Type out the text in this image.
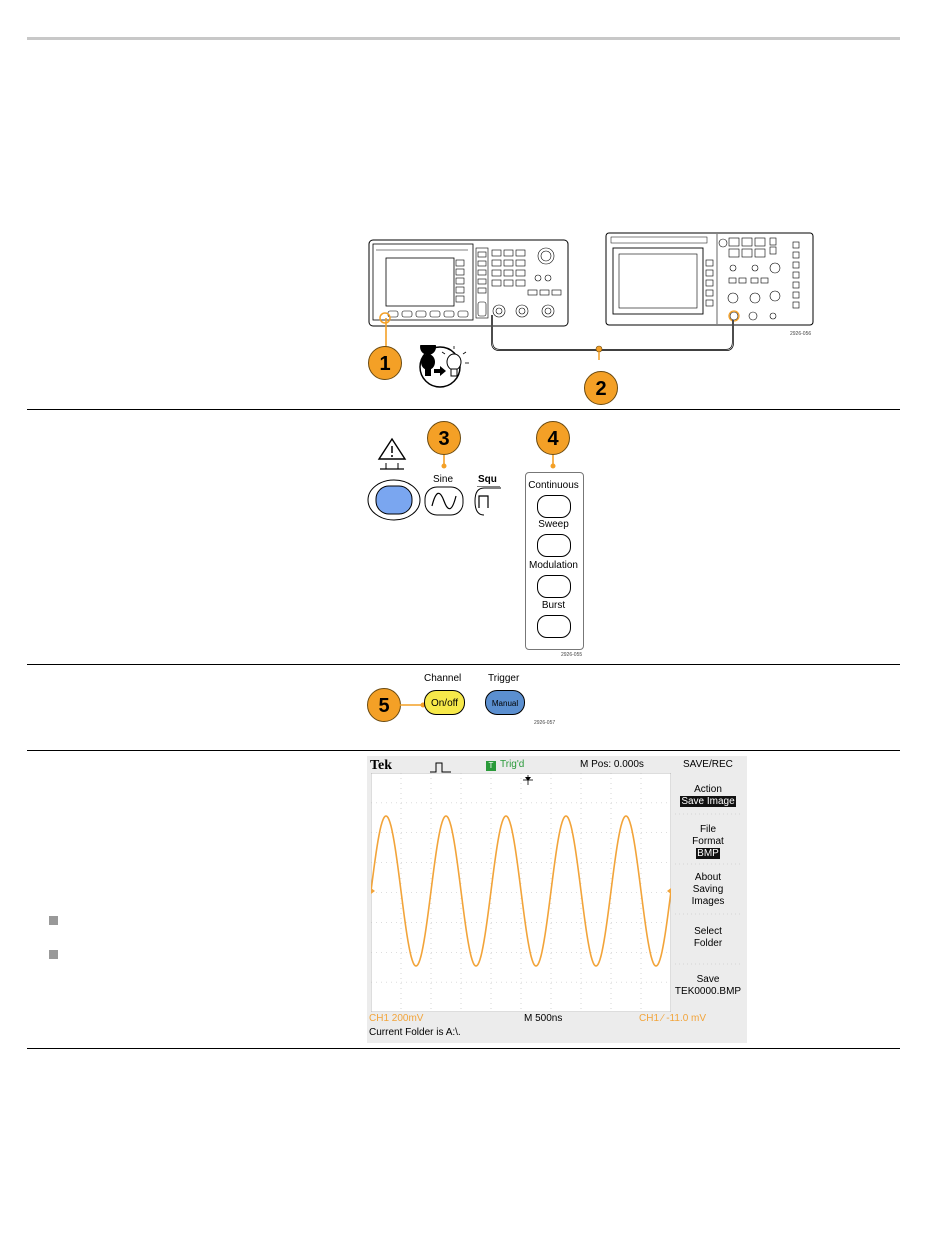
2926-056
1
2
3
Sine Squ
4
Continuous
Sweep
Modulation
Burst
2926-055
Channel	Trigger
5	On/off	Manual
2926-057
Tek	T Trig'd	M Pos: 0.000s	SAVE/REC
Action
Save Image
File Format
BMP
About Saving Images
Select Folder
Save
TEK0000.BMP
CH1 200mV	M 500ns	CH1 ∕ -11.0 mV
Current Folder is A:\.
